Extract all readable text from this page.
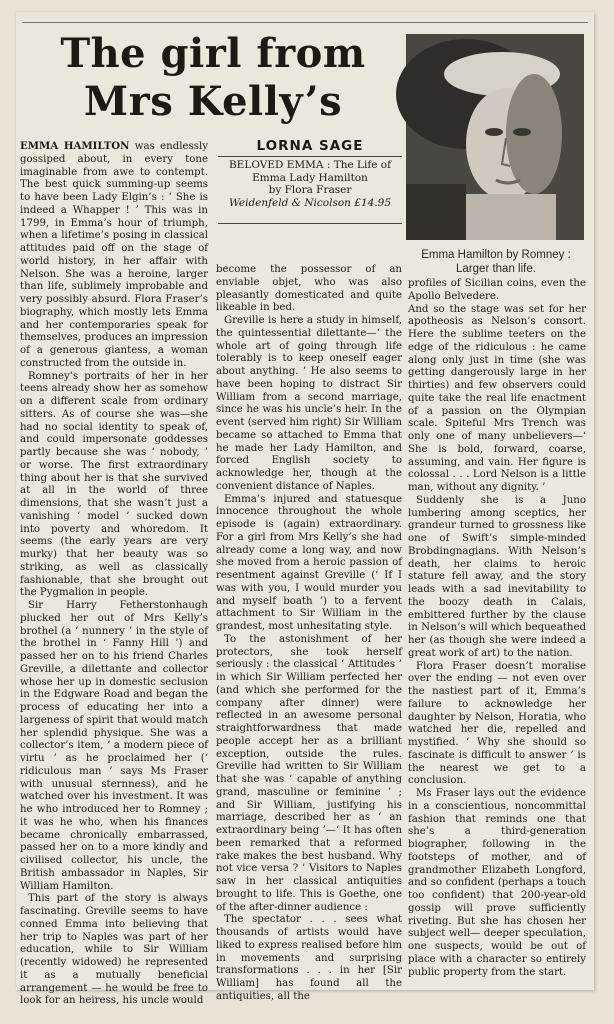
The girl from
Mrs Kelly’s
Emma Hamilton by Romney :
Larger than life.
LORNA SAGE
BELOVED EMMA : The Life of Emma Lady Hamilton
by Flora Fraser
Weidenfeld & Nicolson £14.95

EMMA HAMILTON was endlessly gossiped about, in every tone imaginable from awe to contempt. The best quick summing-up seems to have been Lady Elgin’s : ‘ She is indeed a Whapper ! ’ This was in 1799, in Emma’s hour of triumph, when a lifetime’s posing in classical attitudes paid off on the stage of world history, in her affair with Nelson. She was a heroine, larger than life, sublimely improbable and very possibly absurd. Flora Fraser’s biography, which mostly lets Emma and her contemporaries speak for themselves, produces an impression of a generous giantess, a woman constructed from the outside in.

Romney’s portraits of her in her teens already show her as somehow on a different scale from ordinary sitters. As of course she was—she had no social identity to speak of, and could impersonate goddesses partly because she was ‘ nobody, ’ or worse. The first extraordinary thing about her is that she survived at all in the world of three dimensions, that she wasn’t just a vanishing ‘ model ’ sucked down into poverty and whoredom. It seems (the early years are very murky) that her beauty was so striking, as well as classically fashionable, that she brought out the Pygmalion in people.

Sir Harry Fetherstonhaugh plucked her out of Mrs Kelly’s brothel (a ‘ nunnery ’ in the style of the brothel in ‘ Fanny Hill ’) and passed her on to his friend Charles Greville, a dilettante and collector whose her up in domestic seclusion in the Edgware Road and began the process of educating her into a largeness of spirit that would match her splendid physique. She was a collector’s item, ‘ a modern piece of virtu ’ as he proclaimed her (‘ ridiculous man ’ says Ms Fraser with unusual sternness), and he watched over his investment. It was he who introduced her to Romney ; it was he who, when his finances became chronically embarrassed, passed her on to a more kindly and civilised collector, his uncle, the British ambassador in Naples, Sir William Hamilton.

This part of the story is always fascinating. Greville seems to have conned Emma into believing that her trip to Naples was part of her education, while to Sir William (recently widowed) he represented it as a mutually beneficial arrangement — he would be free to look for an heiress, his uncle would

become the possessor of an enviable objet, who was also pleasantly domesticated and quite likeable in bed.

Greville is here a study in himself, the quintessential dilettante—‘ the whole art of going through life tolerably is to keep oneself eager about anything. ’ He also seems to have been hoping to distract Sir William from a second marriage, since he was his uncle’s heir. In the event (served him right) Sir William became so attached to Emma that he made her Lady Hamilton, and forced English society to acknowledge her, though at the convenient distance of Naples.

Emma’s injured and statuesque innocence throughout the whole episode is (again) extraordinary. For a girl from Mrs Kelly’s she had already come a long way, and now she moved from a heroic passion of resentment against Greville (‘ If I was with you, I would murder you and myself boath ’) to a fervent attachment to Sir William in the grandest, most unhesitating style.

To the astonishment of her protectors, she took herself seriously : the classical ‘ Attitudes ’ in which Sir William perfected her (and which she performed for the company after dinner) were reflected in an awesome personal straightforwardness that made people accept her as a brilliant exception, outside the rules. Greville had written to Sir William that she was ‘ capable of anything grand, masculine or feminine ’ ; and Sir William, justifying his marriage, described her as ‘ an extraordinary being ’—‘ It has often been remarked that a reformed rake makes the best husband. Why not vice versa ? ’ Visitors to Naples saw in her classical antiquities brought to life. This is Goethe, one of the after-dinner audience :

The spectator . . . sees what thousands of artists would have liked to express realised before him in movements and surprising transformations . . . in her [Sir William] has found all the antiquities, all the

profiles of Sicilian coins, even the Apollo Belvedere.

And so the stage was set for her apotheosis as Nelson’s consort. Here the sublime teeters on the edge of the ridiculous : he came along only just in time (she was getting dangerously large in her thirties) and few observers could quite take the real life enactment of a passion on the Olympian scale. Spiteful Mrs Trench was only one of many unbelievers—‘ She is bold, forward, coarse, assuming, and vain. Her figure is colossal . . . Lord Nelson is a little man, without any dignity. ’

Suddenly she is a Juno lumbering among sceptics, her grandeur turned to grossness like one of Swift’s simple-minded Brobdingnagians. With Nelson’s death, her claims to heroic stature fell away, and the story leads with a sad inevitability to the boozy death in Calais, embittered further by the clause in Nelson’s will which bequeathed her (as though she were indeed a great work of art) to the nation.

Flora Fraser doesn’t moralise over the ending — not even over the nastiest part of it, Emma’s failure to acknowledge her daughter by Nelson, Horatia, who watched her die, repelled and mystified. ‘ Why she should so fascinate is difficult to answer ’ is the nearest we get to a conclusion.

Ms Fraser lays out the evidence in a conscientious, noncommittal fashion that reminds one that she’s a third-generation biographer, following in the footsteps of mother, and of grandmother Elizabeth Longford, and so confident (perhaps a touch too confident) that 200-year-old gossip will prove sufficiently riveting. But she has chosen her subject well— deeper speculation, one suspects, would be out of place with a character so entirely public property from the start.
